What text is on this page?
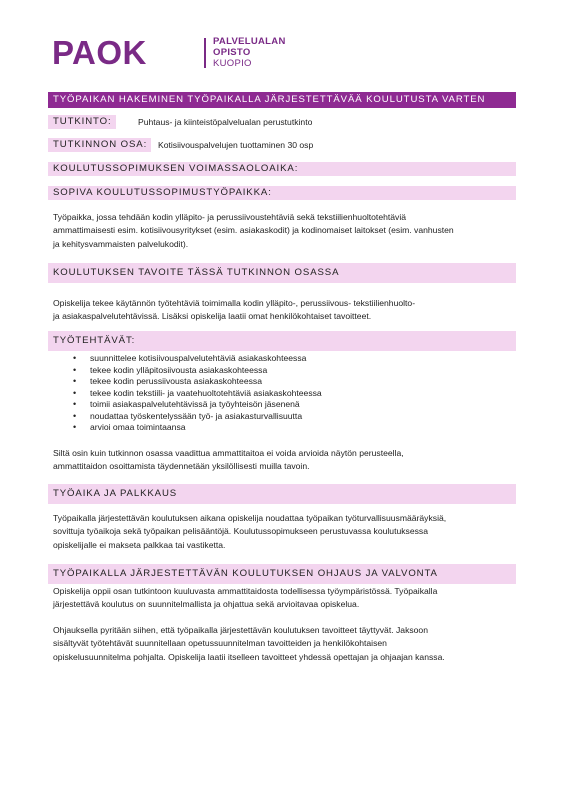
PAOK	PALVELUALAN
OPISTO
KUOPIO
TYÖPAIKAN HAKEMINEN TYÖPAIKALLA JÄRJESTETTÄVÄÄ KOULUTUSTA VARTEN
TUTKINTO:	Puhtaus- ja kiinteistöpalvelualan perustutkinto
TUTKINNON OSA:	Kotisiivouspalvelujen tuottaminen 30 osp
KOULUTUSSOPIMUKSEN VOIMASSAOLOAIKA:
SOPIVA KOULUTUSSOPIMUSTYÖPAIKKA:
Työpaikka, jossa tehdään kodin ylläpito- ja perussiivoustehtäviä sekä tekstiilienhuoltotehtäviä
ammattimaisesti esim. kotisiivousyritykset (esim. asiakaskodit) ja kodinomaiset laitokset (esim. vanhusten
ja kehitysvammaisten palvelukodit).
KOULUTUKSEN TAVOITE TÄSSÄ TUTKINNON OSASSA
Opiskelija tekee käytännön työtehtäviä toimimalla kodin ylläpito-, perussiivous- tekstiilienhuolto-
ja asiakaspalvelutehtävissä. Lisäksi opiskelija laatii omat henkilökohtaiset tavoitteet.
TYÖTEHTÄVÄT:
• suunnittelee kotisiivouspalvelutehtäviä asiakaskohteessa
• tekee kodin ylläpitosiivousta asiakaskohteessa
• tekee kodin perussiivousta asiakaskohteessa
• tekee kodin tekstiili- ja vaatehuoltotehtäviä asiakaskohteessa
• toimii asiakaspalvelutehtävissä ja työyhteisön jäsenenä
• noudattaa työskentelyssään työ- ja asiakasturvallisuutta
• arvioi omaa toimintaansa
Siltä osin kuin tutkinnon osassa vaadittua ammattitaitoa ei voida arvioida näytön perusteella,
ammattitaidon osoittamista täydennetään yksilöllisesti muilla tavoin.
TYÖAIKA JA PALKKAUS
Työpaikalla järjestettävän koulutuksen aikana opiskelija noudattaa työpaikan työturvallisuusmääräyksiä,
sovittuja työaikoja sekä työpaikan pelisääntöjä. Koulutussopimukseen perustuvassa koulutuksessa
opiskelijalle ei makseta palkkaa tai vastiketta.
TYÖPAIKALLA JÄRJESTETTÄVÄN KOULUTUKSEN OHJAUS JA VALVONTA
Opiskelija oppii osan tutkintoon kuuluvasta ammattitaidosta todellisessa työympäristössä. Työpaikalla
järjestettävä koulutus on suunnitelmallista ja ohjattua sekä arvioitavaa opiskelua.
Ohjauksella pyritään siihen, että työpaikalla järjestettävän koulutuksen tavoitteet täyttyvät. Jaksoon
sisältyvät työtehtävät suunnitellaan opetussuunnitelman tavoitteiden ja henkilökohtaisen
opiskelusuunnitelma pohjalta. Opiskelija laatii itselleen tavoitteet yhdessä opettajan ja ohjaajan kanssa.
